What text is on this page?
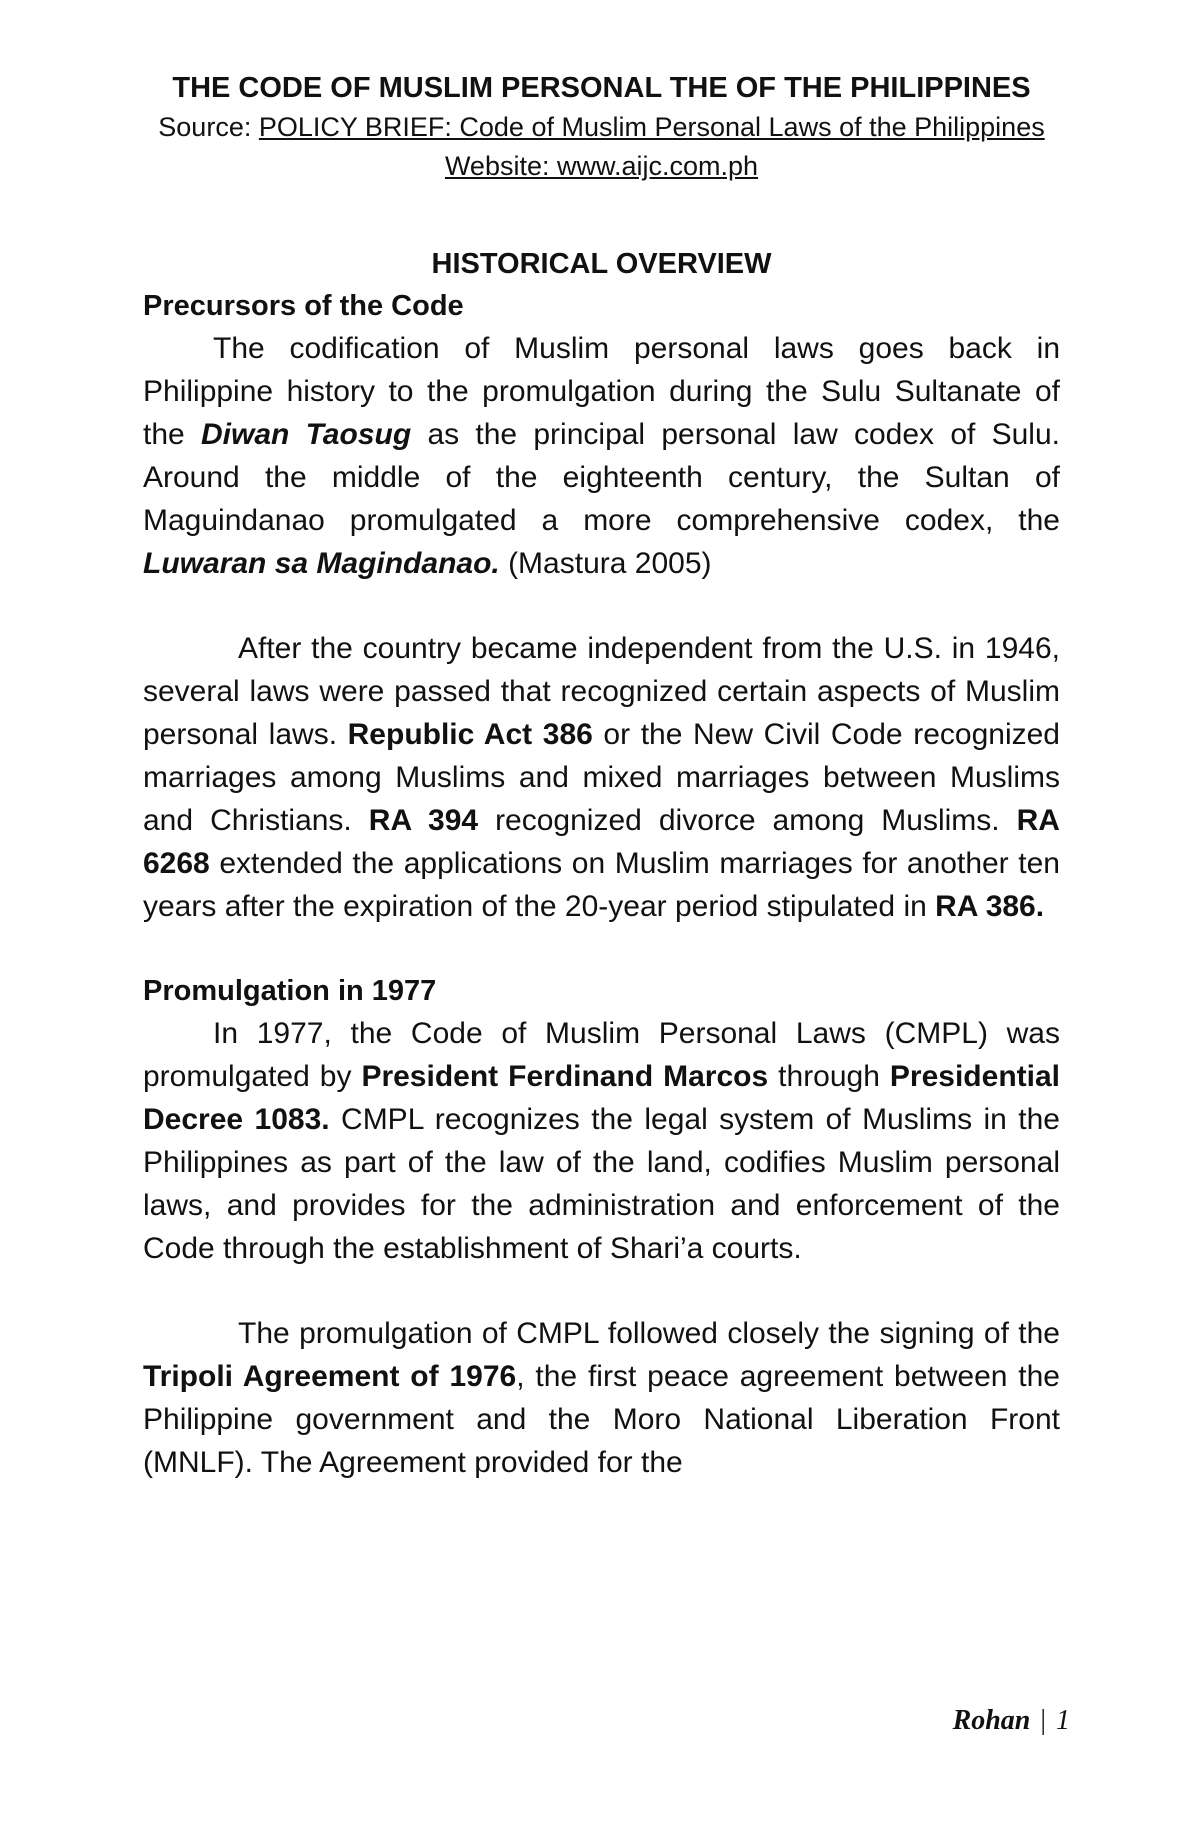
THE CODE OF MUSLIM PERSONAL THE OF THE PHILIPPINES

Source: POLICY BRIEF: Code of Muslim Personal Laws of the Philippines

Website: www.aijc.com.ph

HISTORICAL OVERVIEW
Precursors of the Code

The codification of Muslim personal laws goes back in Philippine history to the promulgation during the Sulu Sultanate of the Diwan Taosug as the principal personal law codex of Sulu. Around the middle of the eighteenth century, the Sultan of Maguindanao promulgated a more comprehensive codex, the Luwaran sa Magindanao. (Mastura 2005)

After the country became independent from the U.S. in 1946, several laws were passed that recognized certain aspects of Muslim personal laws. Republic Act 386 or the New Civil Code recognized marriages among Muslims and mixed marriages between Muslims and Christians. RA 394 recognized divorce among Muslims. RA 6268 extended the applications on Muslim marriages for another ten years after the expiration of the 20-year period stipulated in RA 386.

Promulgation in 1977

In 1977, the Code of Muslim Personal Laws (CMPL) was promulgated by President Ferdinand Marcos through Presidential Decree 1083. CMPL recognizes the legal system of Muslims in the Philippines as part of the law of the land, codifies Muslim personal laws, and provides for the administration and enforcement of the Code through the establishment of Shari’a courts.

The promulgation of CMPL followed closely the signing of the Tripoli Agreement of 1976, the first peace agreement between the Philippine government and the Moro National Liberation Front (MNLF). The Agreement provided for the

Rohan | 1
